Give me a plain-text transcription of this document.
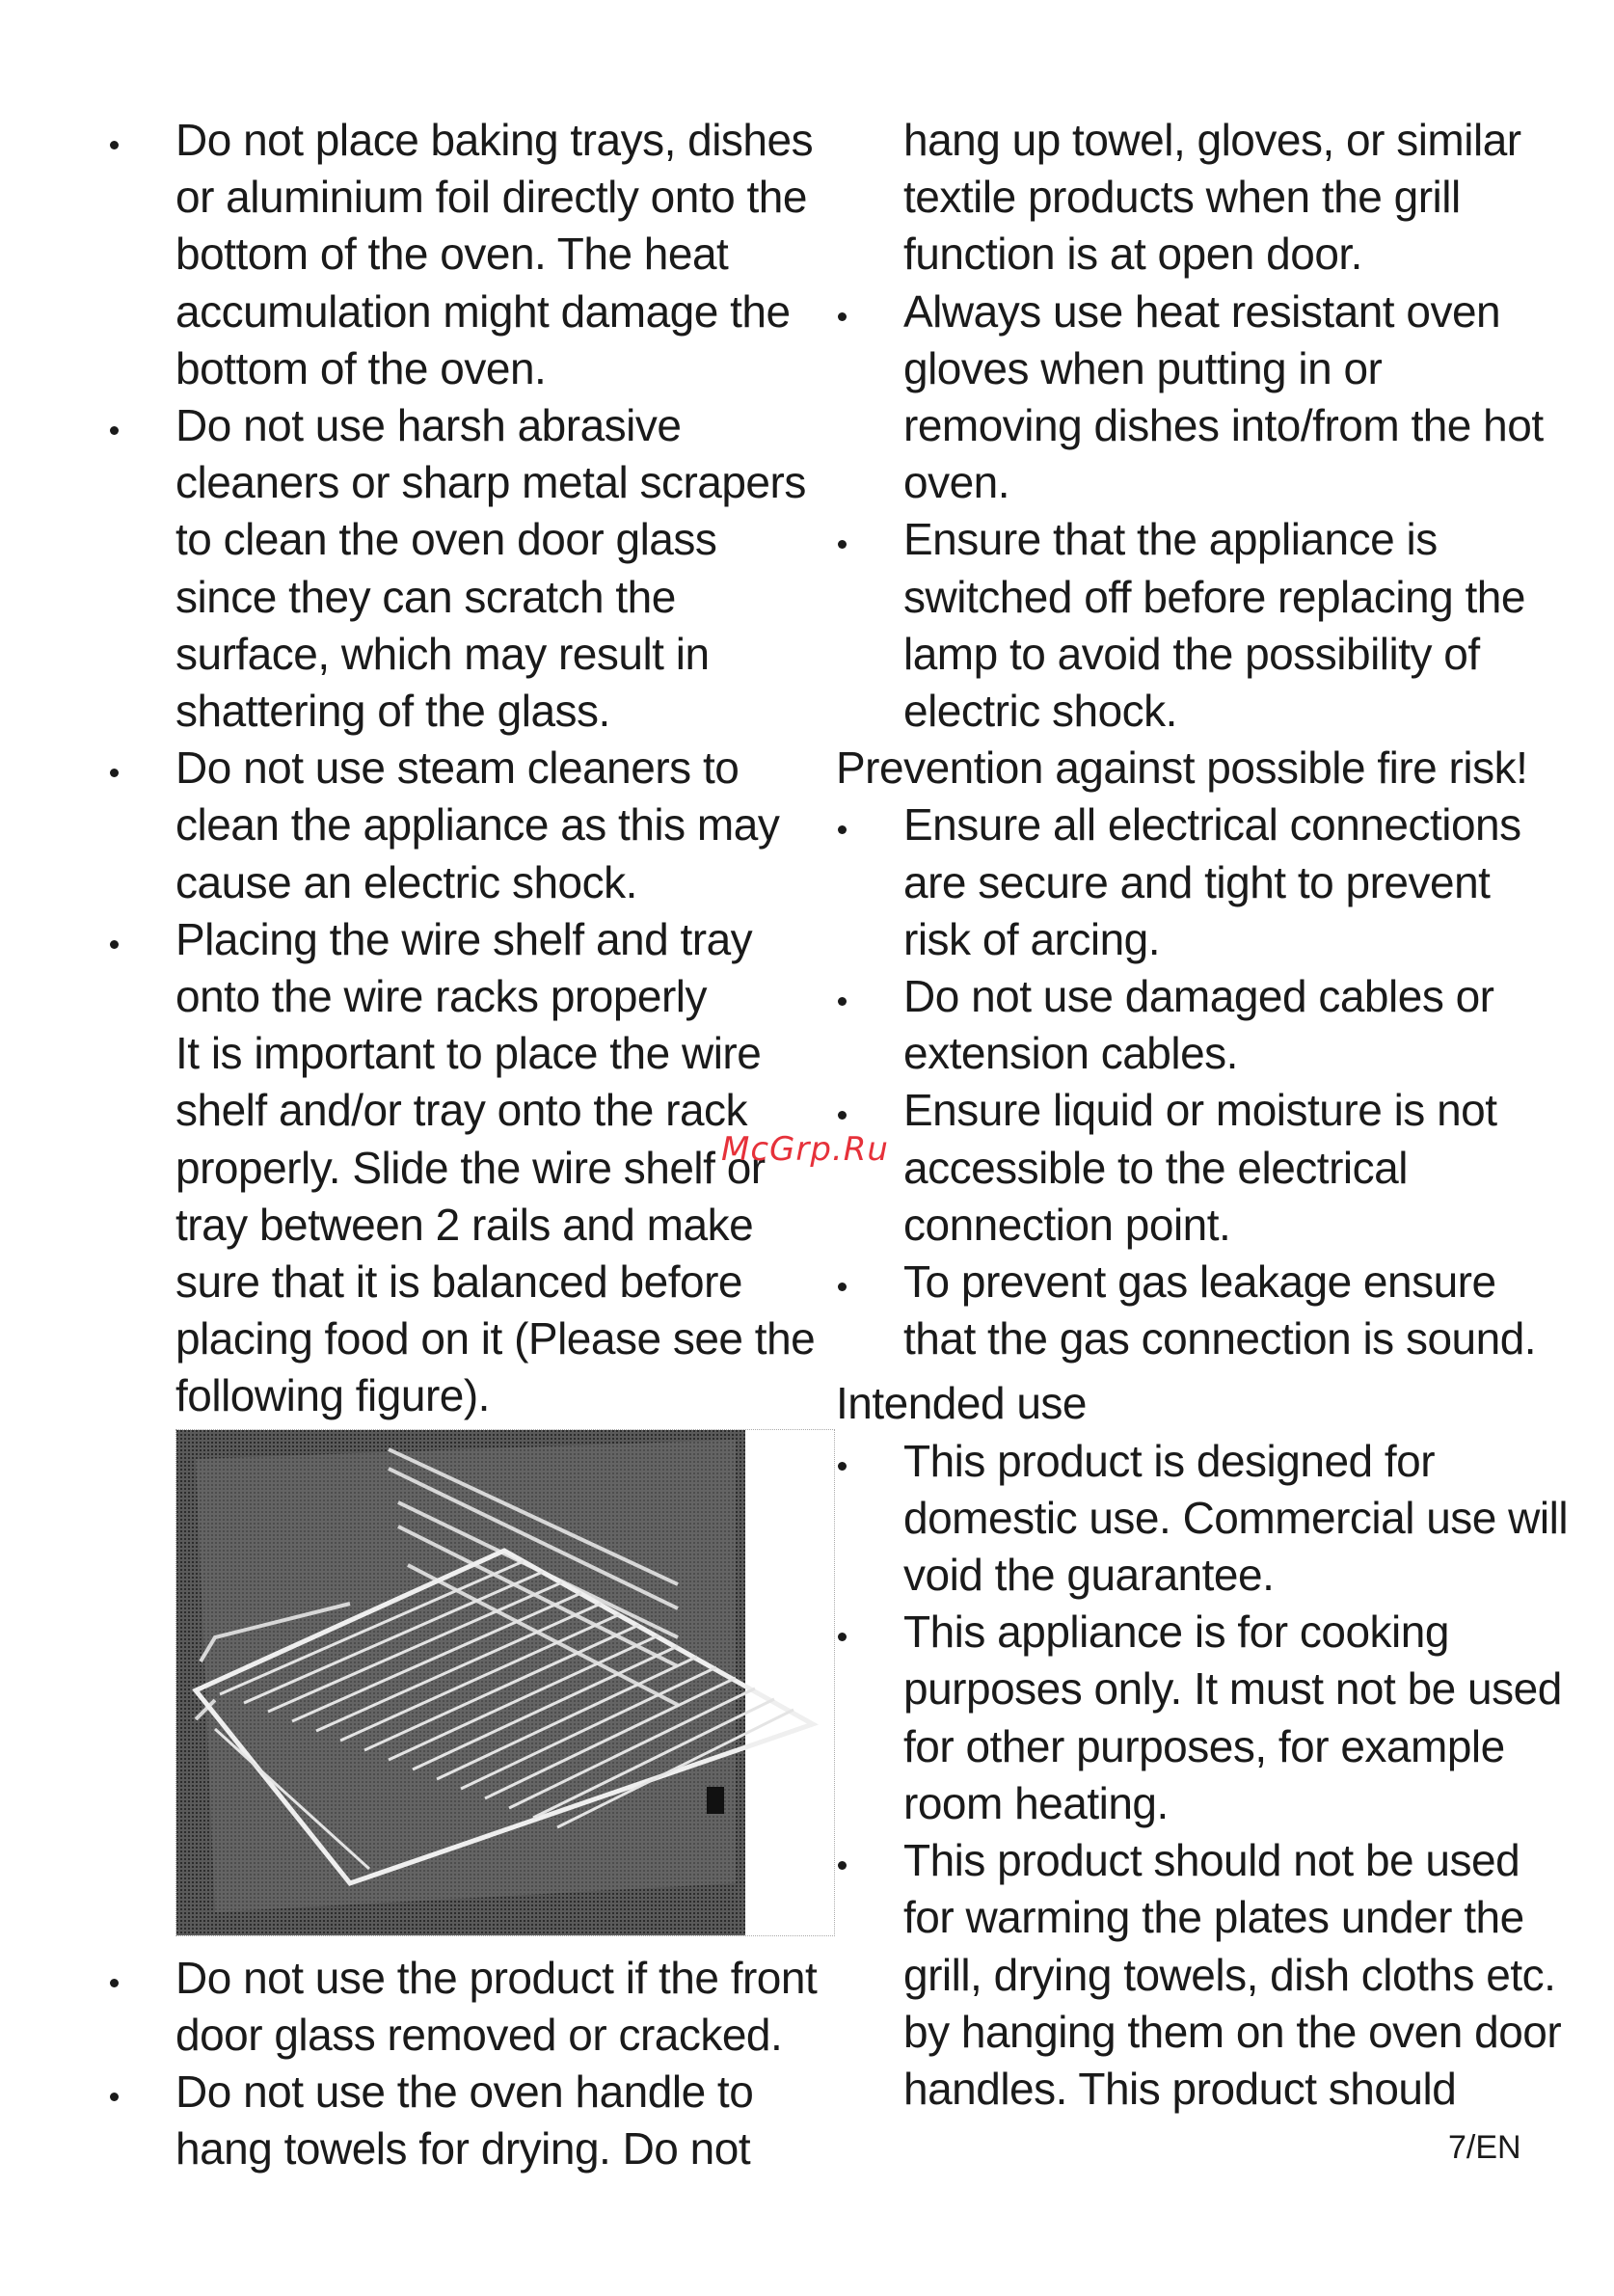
Do not place baking trays, dishes or aluminium foil directly onto the bottom of the oven. The heat accumulation might damage the bottom of the oven.
Do not use harsh abrasive cleaners or sharp metal scrapers to clean the oven door glass since they can scratch the surface, which may result in shattering of the glass.
Do not use steam cleaners to clean the appliance as this may cause an electric shock.

Placing the wire shelf and tray onto the wire racks properly

It is important to place the wire shelf and/or tray onto the rack properly. Slide the wire shelf or tray between 2 rails and make sure that it is balanced before placing food on it (Please see the following figure).

Do not use the product if the front door glass removed or cracked.
Do not use the oven handle to hang towels for drying. Do not

hang up towel, gloves, or similar textile products when the grill function is at open door.

Always use heat resistant oven gloves when putting in or removing dishes into/from the hot oven.
Ensure that the appliance is switched off before replacing the lamp to avoid the possibility of electric shock.

Prevention against possible fire risk!

Ensure all electrical connections are secure and tight to prevent risk of arcing.
Do not use damaged cables or extension cables.
Ensure liquid or moisture is not accessible to the electrical connection point.
To prevent gas leakage ensure that the gas connection is sound.

Intended use

This product is designed for domestic use. Commercial use will void the guarantee.
This appliance is for cooking purposes only. It must not be used for other purposes, for example room heating.
This product should not be used for warming the plates under the grill, drying towels, dish cloths etc. by hanging them on the oven door handles. This product should
McGrp.Ru
7/EN
